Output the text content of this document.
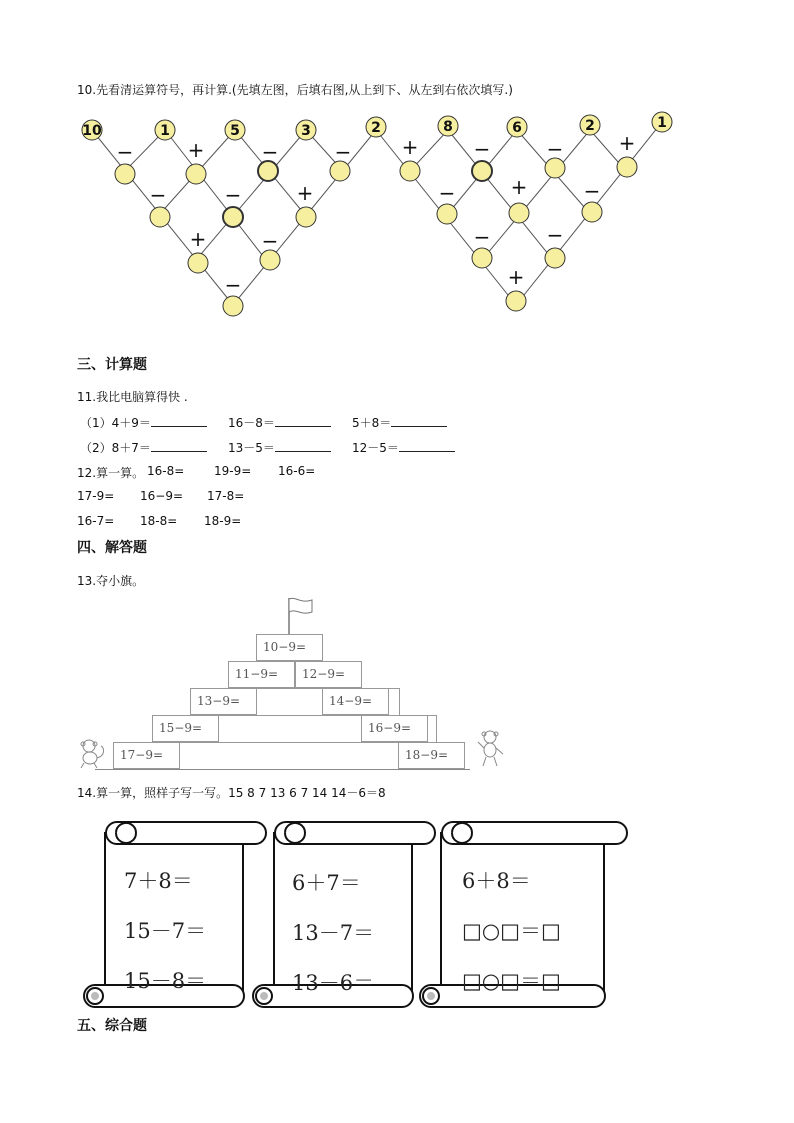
10.先看清运算符号，再计算.(先填左图，后填右图,从上到下、从左到右依次填写.)
10	1	5	3	2	8	6	2	1
−	+	−	−
−	−	+
+	−
−
+	−	−	+
−	+	−
−	−
+
三、计算题
11.我比电脑算得快 .
（1）4＋9＝	16－8＝	5＋8＝
（2）8＋7＝	13－5＝	12－5＝
12.算一算。 16-8= 19-9= 16-6=
17-9= 16−9= 17-8=
16-7= 18-8= 18-9=
四、解答题
13.夺小旗。
10−9=
11−9=	12−9=
13−9=	14−9=
15−9=	16−9=
17−9=	18−9=
14.算一算，照样子写一写。15 8 7 13 6 7 14 14－6＝8
7＋8＝
15－7＝
15－8＝
6＋7＝
13－7＝
13－6＝
6＋8＝
□○□＝□
□○□＝□
五、综合题
